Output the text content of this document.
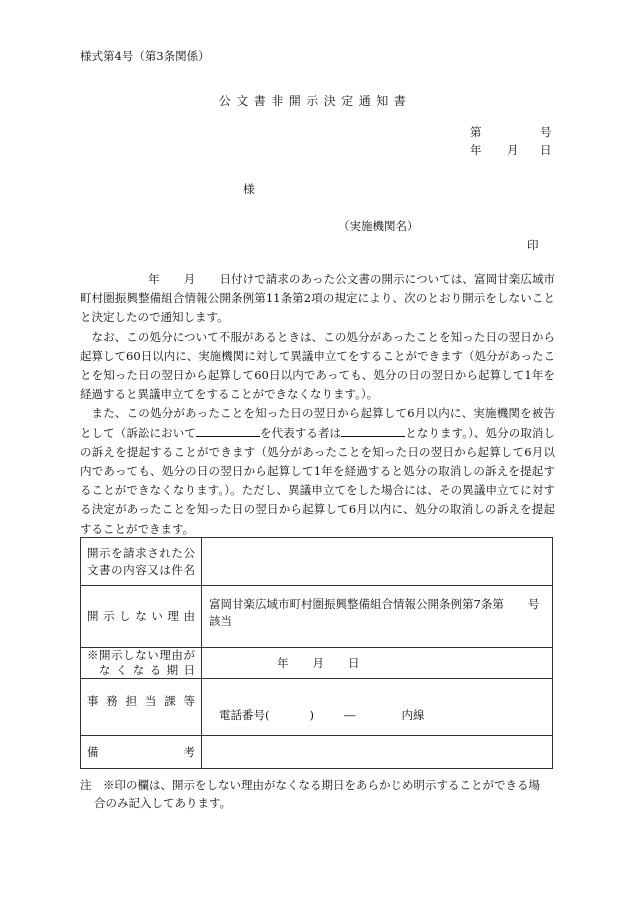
様式第4号（第3条関係）
公文書非開示決定通知書
第	号
年 月 日
様
（実施機関名）
印

年 月 日付けで請求のあった公文書の開示については、富岡甘楽広域市町村圏振興整備組合情報公開条例第11条第2項の規定により、次のとおり開示をしないことと決定したので通知します。

なお、この処分について不服があるときは、この処分があったことを知った日の翌日から起算して60日以内に、実施機関に対して異議申立てをすることができます（処分があったことを知った日の翌日から起算して60日以内であっても、処分の日の翌日から起算して1年を経過すると異議申立てをすることができなくなります。）。

また、この処分があったことを知った日の翌日から起算して6月以内に、実施機関を被告として（訴訟において	を代表する者は	となります。）、処分の取消しの訴えを提起することができます（処分があったことを知った日の翌日から起算して6月以内であっても、処分の日の翌日から起算して1年を経過すると処分の取消しの訴えを提起することができなくなります。）。ただし、異議申立てをした場合には、その異議申立てに対する決定があったことを知った日の翌日から起算して6月以内に、処分の取消しの訴えを提起することができます。

開示を請求された公文書の内容又は件名	

開示しない理由	富岡甘楽広域市町村圏振興整備組合情報公開条例第7条第 号
該当

※開示しない理由が
なくなる期日	年 月 日

事務担当課等	電話番号( ) ― 内線

備考	

注　※印の欄は、開示をしない理由がなくなる期日をあらかじめ明示することができる場
合のみ記入してあります。
